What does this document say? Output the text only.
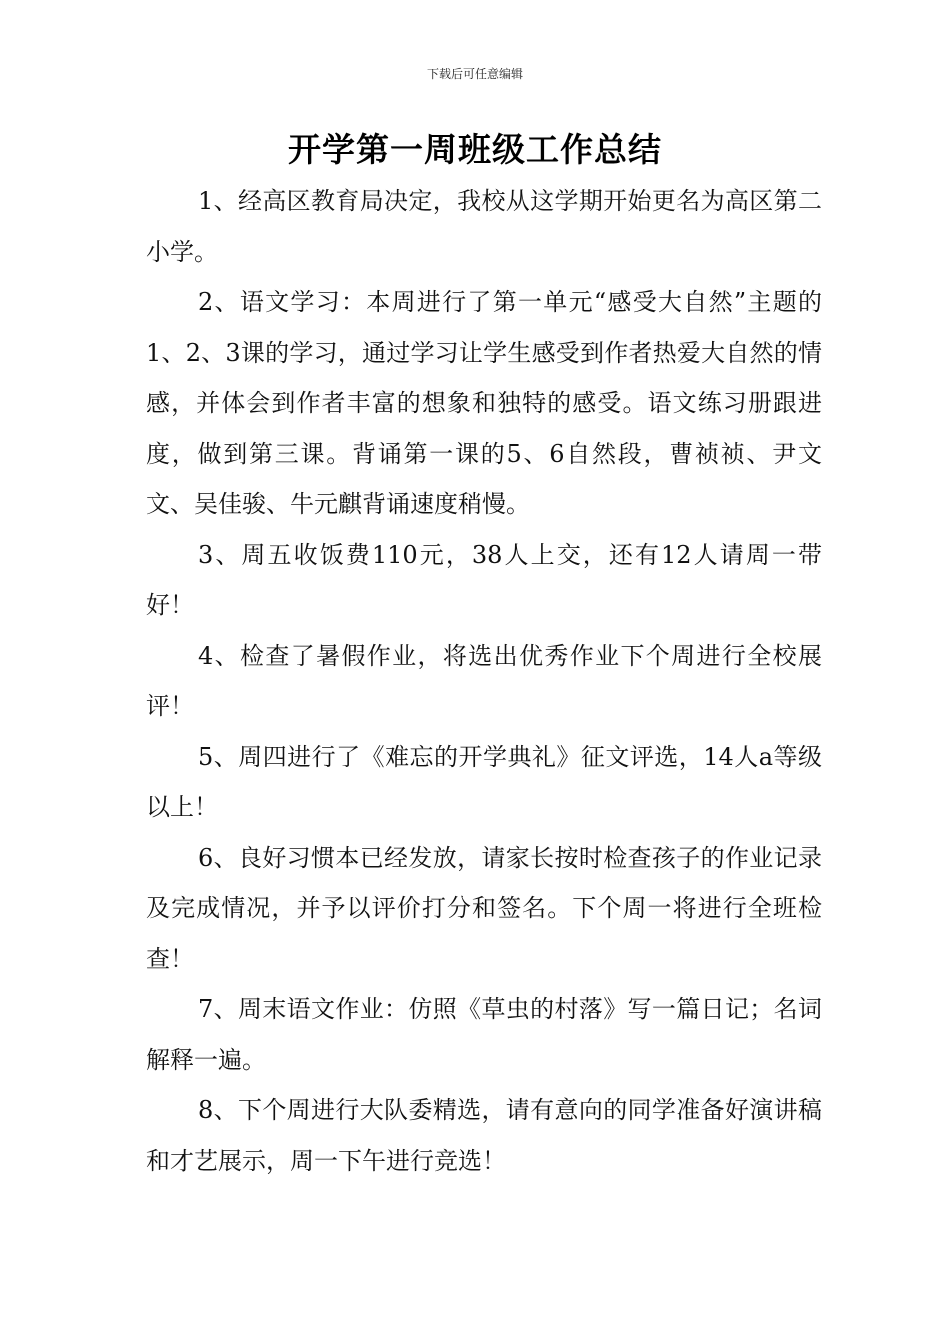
下载后可任意编辑
开学第一周班级工作总结

1、经高区教育局决定，我校从这学期开始更名为高区第二小学。

2、语文学习：本周进行了第一单元“感受大自然”主题的1、2、3课的学习，通过学习让学生感受到作者热爱大自然的情感，并体会到作者丰富的想象和独特的感受。语文练习册跟进度，做到第三课。背诵第一课的5、6自然段，曹祯祯、尹文文、吴佳骏、牛元麒背诵速度稍慢。

3、周五收饭费110元，38人上交，还有12人请周一带好！

4、检查了暑假作业，将选出优秀作业下个周进行全校展评！

5、周四进行了《难忘的开学典礼》征文评选，14人a等级以上！

6、良好习惯本已经发放，请家长按时检查孩子的作业记录及完成情况，并予以评价打分和签名。下个周一将进行全班检查！

7、周末语文作业：仿照《草虫的村落》写一篇日记；名词解释一遍。

8、下个周进行大队委精选，请有意向的同学准备好演讲稿和才艺展示，周一下午进行竞选！
